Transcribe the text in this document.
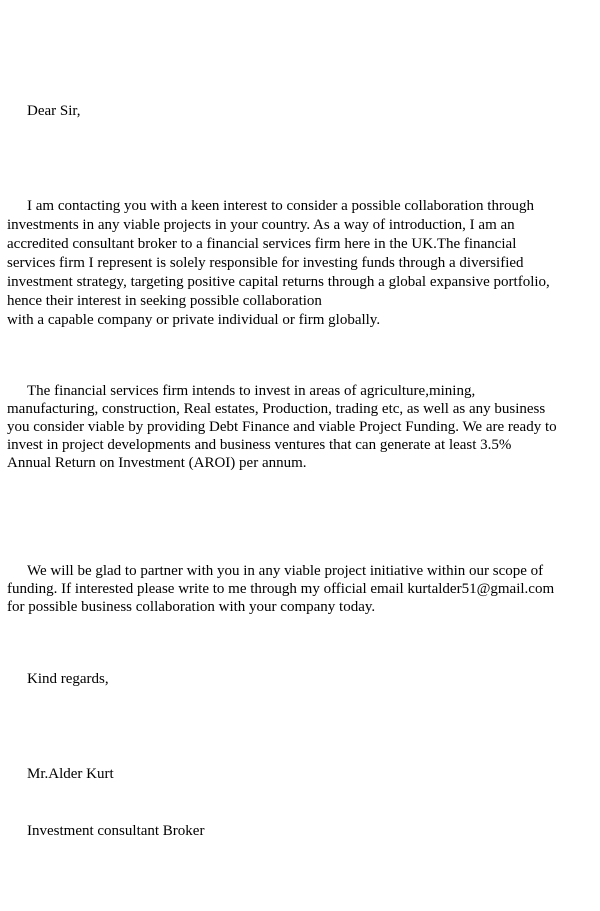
Dear Sir,

I am contacting you with a keen interest to consider a possible collaboration through

investments in any viable projects in your country. As a way of introduction, I am an

accredited consultant broker to a financial services firm here in the UK.The financial

services firm I represent is solely responsible for investing funds through a diversified

investment strategy, targeting positive capital returns through a global expansive portfolio,

hence their interest in seeking possible collaboration

with a capable company or private individual or firm globally.

The financial services firm intends to invest in areas of agriculture,mining,

manufacturing, construction, Real estates, Production, trading etc, as well as any business

you consider viable by providing Debt Finance and viable Project Funding. We are ready to

invest in project developments and business ventures that can generate at least 3.5%

Annual Return on Investment (AROI) per annum.

We will be glad to partner with you in any viable project initiative within our scope of

funding. If interested please write to me through my official email kurtalder51@gmail.com

for possible business collaboration with your company today.

Kind regards,

Mr.Alder Kurt

Investment consultant Broker
